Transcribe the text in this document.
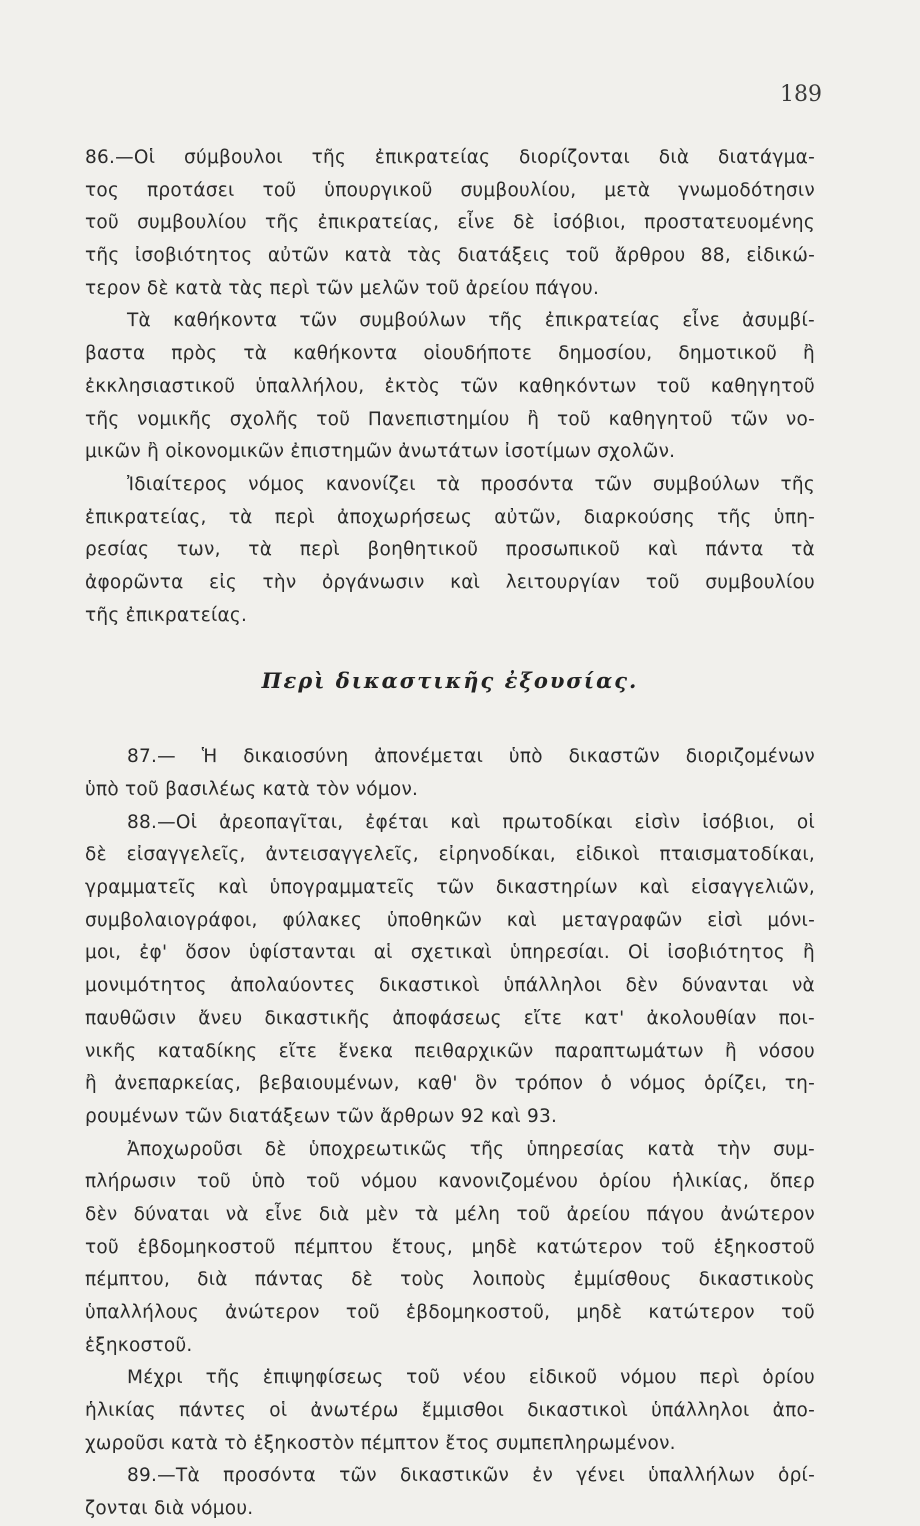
189
86.—Οἱ σύμβουλοι τῆς ἐπικρατείας διορίζονται διὰ διατάγμα-
τος προτάσει τοῦ ὑπουργικοῦ συμβουλίου, μετὰ γνωμοδότησιν
τοῦ συμβουλίου τῆς ἐπικρατείας, εἶνε δὲ ἰσόβιοι, προστατευομένης
τῆς ἰσοβιότητος αὐτῶν κατὰ τὰς διατάξεις τοῦ ἄρθρου 88, εἰδικώ-
τερον δὲ κατὰ τὰς περὶ τῶν μελῶν τοῦ ἀρείου πάγου.
Τὰ καθήκοντα τῶν συμβούλων τῆς ἐπικρατείας εἶνε ἀσυμβί-
βαστα πρὸς τὰ καθήκοντα οἱουδήποτε δημοσίου, δημοτικοῦ ἢ
ἐκκλησιαστικοῦ ὑπαλλήλου, ἐκτὸς τῶν καθηκόντων τοῦ καθηγητοῦ
τῆς νομικῆς σχολῆς τοῦ Πανεπιστημίου ἢ τοῦ καθηγητοῦ τῶν νο-
μικῶν ἢ οἰκονομικῶν ἐπιστημῶν ἀνωτάτων ἰσοτίμων σχολῶν.
Ἰδιαίτερος νόμος κανονίζει τὰ προσόντα τῶν συμβούλων τῆς
ἐπικρατείας, τὰ περὶ ἀποχωρήσεως αὐτῶν, διαρκούσης τῆς ὑπη-
ρεσίας των, τὰ περὶ βοηθητικοῦ προσωπικοῦ καὶ πάντα τὰ
ἀφορῶντα εἰς τὴν ὀργάνωσιν καὶ λειτουργίαν τοῦ συμβουλίου
τῆς ἐπικρατείας.
Περὶ δικαστικῆς ἐξουσίας.
87.— Ἡ δικαιοσύνη ἀπονέμεται ὑπὸ δικαστῶν διοριζομένων
ὑπὸ τοῦ βασιλέως κατὰ τὸν νόμον.
88.—Οἱ ἀρεοπαγῖται, ἐφέται καὶ πρωτοδίκαι εἰσὶν ἰσόβιοι, οἱ
δὲ εἰσαγγελεῖς, ἀντεισαγγελεῖς, εἰρηνοδίκαι, εἰδικοὶ πταισματοδίκαι,
γραμματεῖς καὶ ὑπογραμματεῖς τῶν δικαστηρίων καὶ εἰσαγγελιῶν,
συμβολαιογράφοι, φύλακες ὑποθηκῶν καὶ μεταγραφῶν εἰσὶ μόνι-
μοι, ἐφ' ὅσον ὑφίστανται αἱ σχετικαὶ ὑπηρεσίαι. Οἱ ἰσοβιότητος ἢ
μονιμότητος ἀπολαύοντες δικαστικοὶ ὑπάλληλοι δὲν δύνανται νὰ
παυθῶσιν ἄνευ δικαστικῆς ἀποφάσεως εἴτε κατ' ἀκολουθίαν ποι-
νικῆς καταδίκης εἴτε ἕνεκα πειθαρχικῶν παραπτωμάτων ἢ νόσου
ἢ ἀνεπαρκείας, βεβαιουμένων, καθ' ὃν τρόπον ὁ νόμος ὁρίζει, τη-
ρουμένων τῶν διατάξεων τῶν ἄρθρων 92 καὶ 93.
Ἀποχωροῦσι δὲ ὑποχρεωτικῶς τῆς ὑπηρεσίας κατὰ τὴν συμ-
πλήρωσιν τοῦ ὑπὸ τοῦ νόμου κανονιζομένου ὁρίου ἡλικίας, ὅπερ
δὲν δύναται νὰ εἶνε διὰ μὲν τὰ μέλη τοῦ ἀρείου πάγου ἀνώτερον
τοῦ ἑβδομηκοστοῦ πέμπτου ἔτους, μηδὲ κατώτερον τοῦ ἑξηκοστοῦ
πέμπτου, διὰ πάντας δὲ τοὺς λοιποὺς ἐμμίσθους δικαστικοὺς
ὑπαλλήλους ἀνώτερον τοῦ ἑβδομηκοστοῦ, μηδὲ κατώτερον τοῦ
ἑξηκοστοῦ.
Μέχρι τῆς ἐπιψηφίσεως τοῦ νέου εἰδικοῦ νόμου περὶ ὁρίου
ἡλικίας πάντες οἱ ἀνωτέρω ἔμμισθοι δικαστικοὶ ὑπάλληλοι ἀπο-
χωροῦσι κατὰ τὸ ἑξηκοστὸν πέμπτον ἔτος συμπεπληρωμένον.
89.—Τὰ προσόντα τῶν δικαστικῶν ἐν γένει ὑπαλλήλων ὁρί-
ζονται διὰ νόμου.
